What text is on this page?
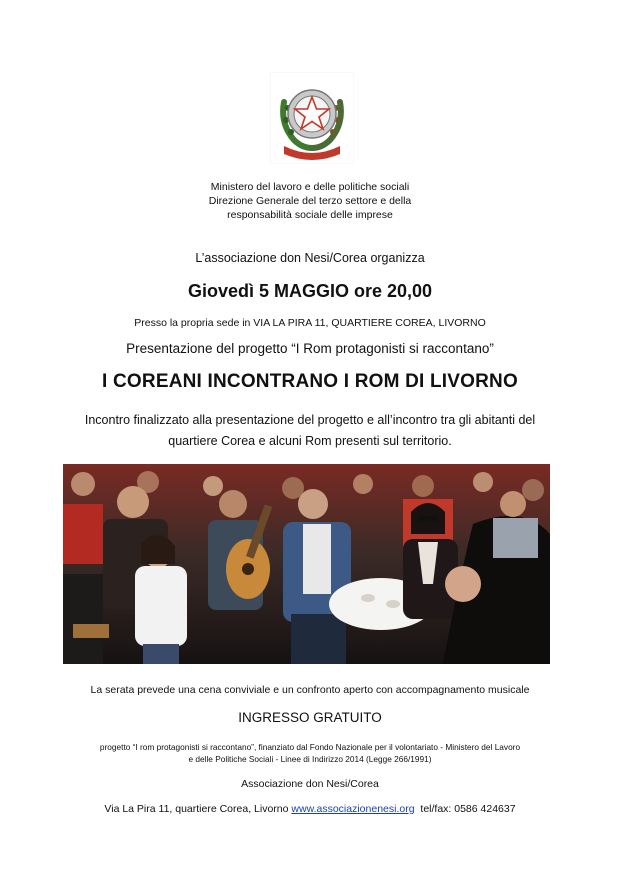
Ministero del lavoro e delle politiche sociali
Direzione Generale del terzo settore e della
responsabilità sociale delle imprese
L’associazione don Nesi/Corea organizza
Giovedì 5 MAGGIO ore 20,00
Presso la propria sede in VIA LA PIRA 11, QUARTIERE COREA, LIVORNO
Presentazione del progetto “I Rom protagonisti si raccontano”
I COREANI INCONTRANO I ROM DI LIVORNO
Incontro finalizzato alla presentazione del progetto e all’incontro tra gli abitanti del
quartiere Corea e alcuni Rom presenti sul territorio.
La serata prevede una cena conviviale e un confronto aperto con accompagnamento musicale
INGRESSO GRATUITO
progetto “I rom protagonisti si raccontano”, finanziato dal Fondo Nazionale per il volontariato - Ministero del Lavoro
e delle Politiche Sociali - Linee di Indirizzo 2014 (Legge 266/1991)
Associazione don Nesi/Corea
Via La Pira 11, quartiere Corea, Livorno www.associazionenesi.org  tel/fax: 0586 424637
